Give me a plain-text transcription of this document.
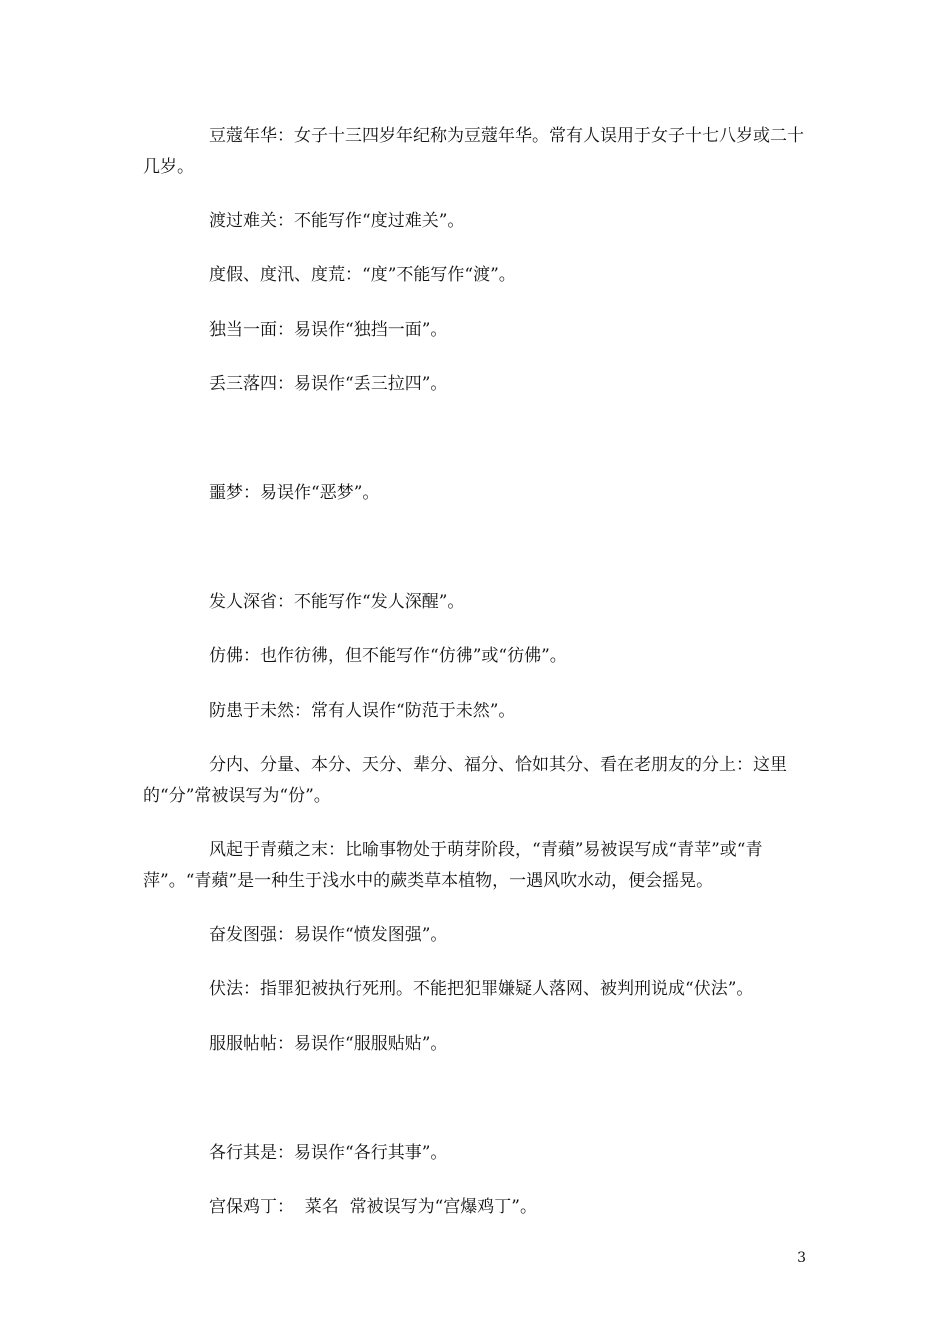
豆蔻年华：女子十三四岁年纪称为豆蔻年华。常有人误用于女子十七八岁或二十几岁。

渡过难关：不能写作“度过难关”。

度假、度汛、度荒：“度”不能写作“渡”。

独当一面：易误作“独挡一面”。

丢三落四：易误作“丢三拉四”。

噩梦：易误作“恶梦”。

发人深省：不能写作“发人深醒”。

仿佛：也作彷彿，但不能写作“仿彿”或“彷佛”。

防患于未然：常有人误作“防范于未然”。

分内、分量、本分、天分、辈分、福分、恰如其分、看在老朋友的分上：这里的“分”常被误写为“份”。

风起于青蘋之末：比喻事物处于萌芽阶段，“青蘋”易被误写成“青苹”或“青萍”。“青蘋”是一种生于浅水中的蕨类草本植物，一遇风吹水动，便会摇晃。

奋发图强：易误作“愤发图强”。

伏法：指罪犯被执行死刑。不能把犯罪嫌疑人落网、被判刑说成“伏法”。

服服帖帖：易误作“服服贴贴”。

各行其是：易误作“各行其事”。

宫保鸡丁：  菜名  常被误写为“宫爆鸡丁”。

3
